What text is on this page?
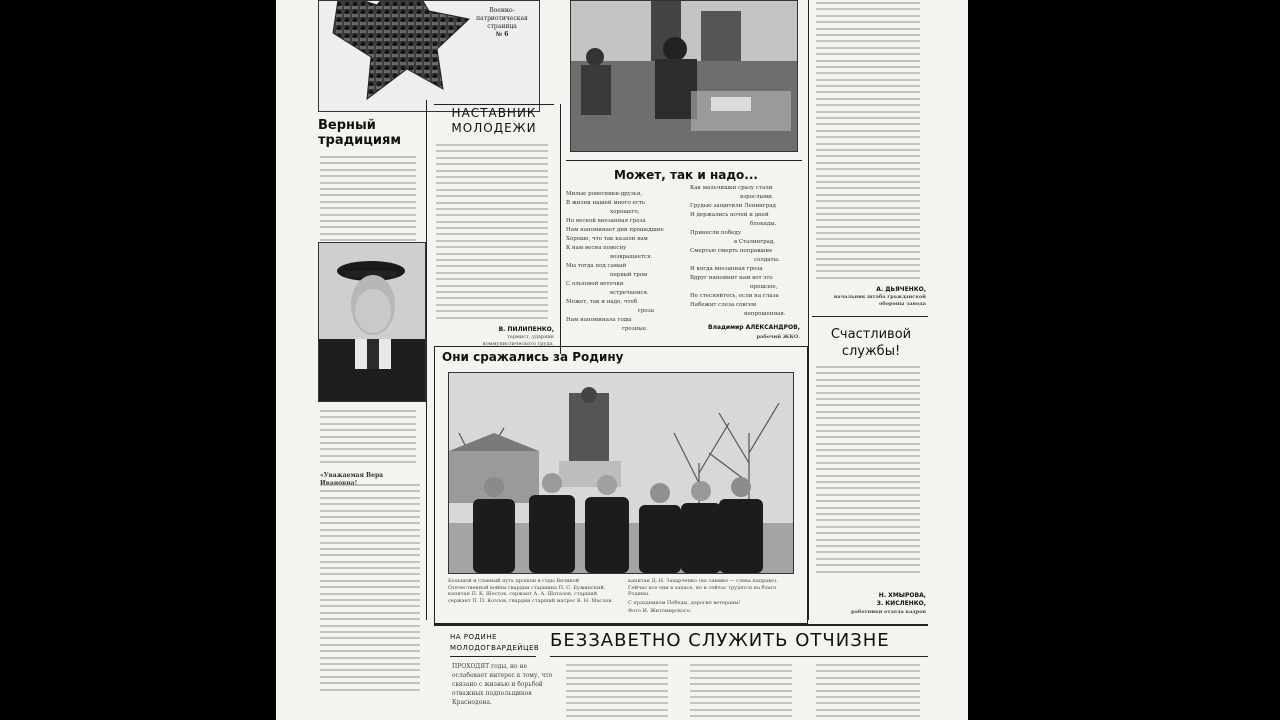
Военно-
патриотическая
страница
№ 6
Верный традициям
«Уважаемая Вера
НАСТАВНИК МОЛОДЕЖИ
В. ПИЛИПЕНКО,
термист, ударник коммунистического труда.
Может, так и надо...
Милые ровесники-друзья,
В жизни нашей много есть
хорошего,
Но весной внезапная гроза
Нам напоминает дни прошедшие
Хорошо, что так казали вам
К нам весна повесну
возвращается.
Мы тогда под самый
первый гром
С ольховой веточки
встречаемся.
Может, так и надо, чтоб
гроза
Нам напоминала годы
грозные.
Как мальчишки сразу стали
взрослыми.
Грудью защитили Ленинград
И держались ночей и дней
блокады.
Принесли победу
в Сталинград,
Смертью смерть поправшие
солдаты.
И когда внезапная гроза
Вдруг напомнит нам вот это
прошлое,
Не стесняйтесь, если на глаза
Набежит слеза совсем
непрошенная.
Владимир АЛЕКСАНДРОВ,
рабочий ЖКО.
Они сражались за Родину
Большой и славный путь прошли в годы Великой Отечественной войны гвардии старшина П. С. Бужинский, капитан П. К. Шестов, сержант А. А. Шаталов, старший сержант П. П. Козлов, гвардии старший матрос В. Н. Маслов.
капитан Д. Н. Захарченко (на снимке — слева направо). Сейчас все они в запасе, но и сейчас трудятся на благо Родины.
С праздником Победы, дорогие ветераны!
Фото И. Житомирского.
А. ДЬЯЧЕНКО,
начальник штаба гражданской обороны завода
Счастливой службы!
Н. ХМЫРОВА,
З. КИСЛЕНКО,
работники отдела кадров
НА РОДИНЕ МОЛОДОГВАРДЕЙЦЕВ БЕЗЗАВЕТНО СЛУЖИТЬ ОТЧИЗНЕ
ПРОХОДЯТ годы, но не ослабевает интерес к тому, что связано с жизнью и борьбой отважных подпольщиков Краснодона.
